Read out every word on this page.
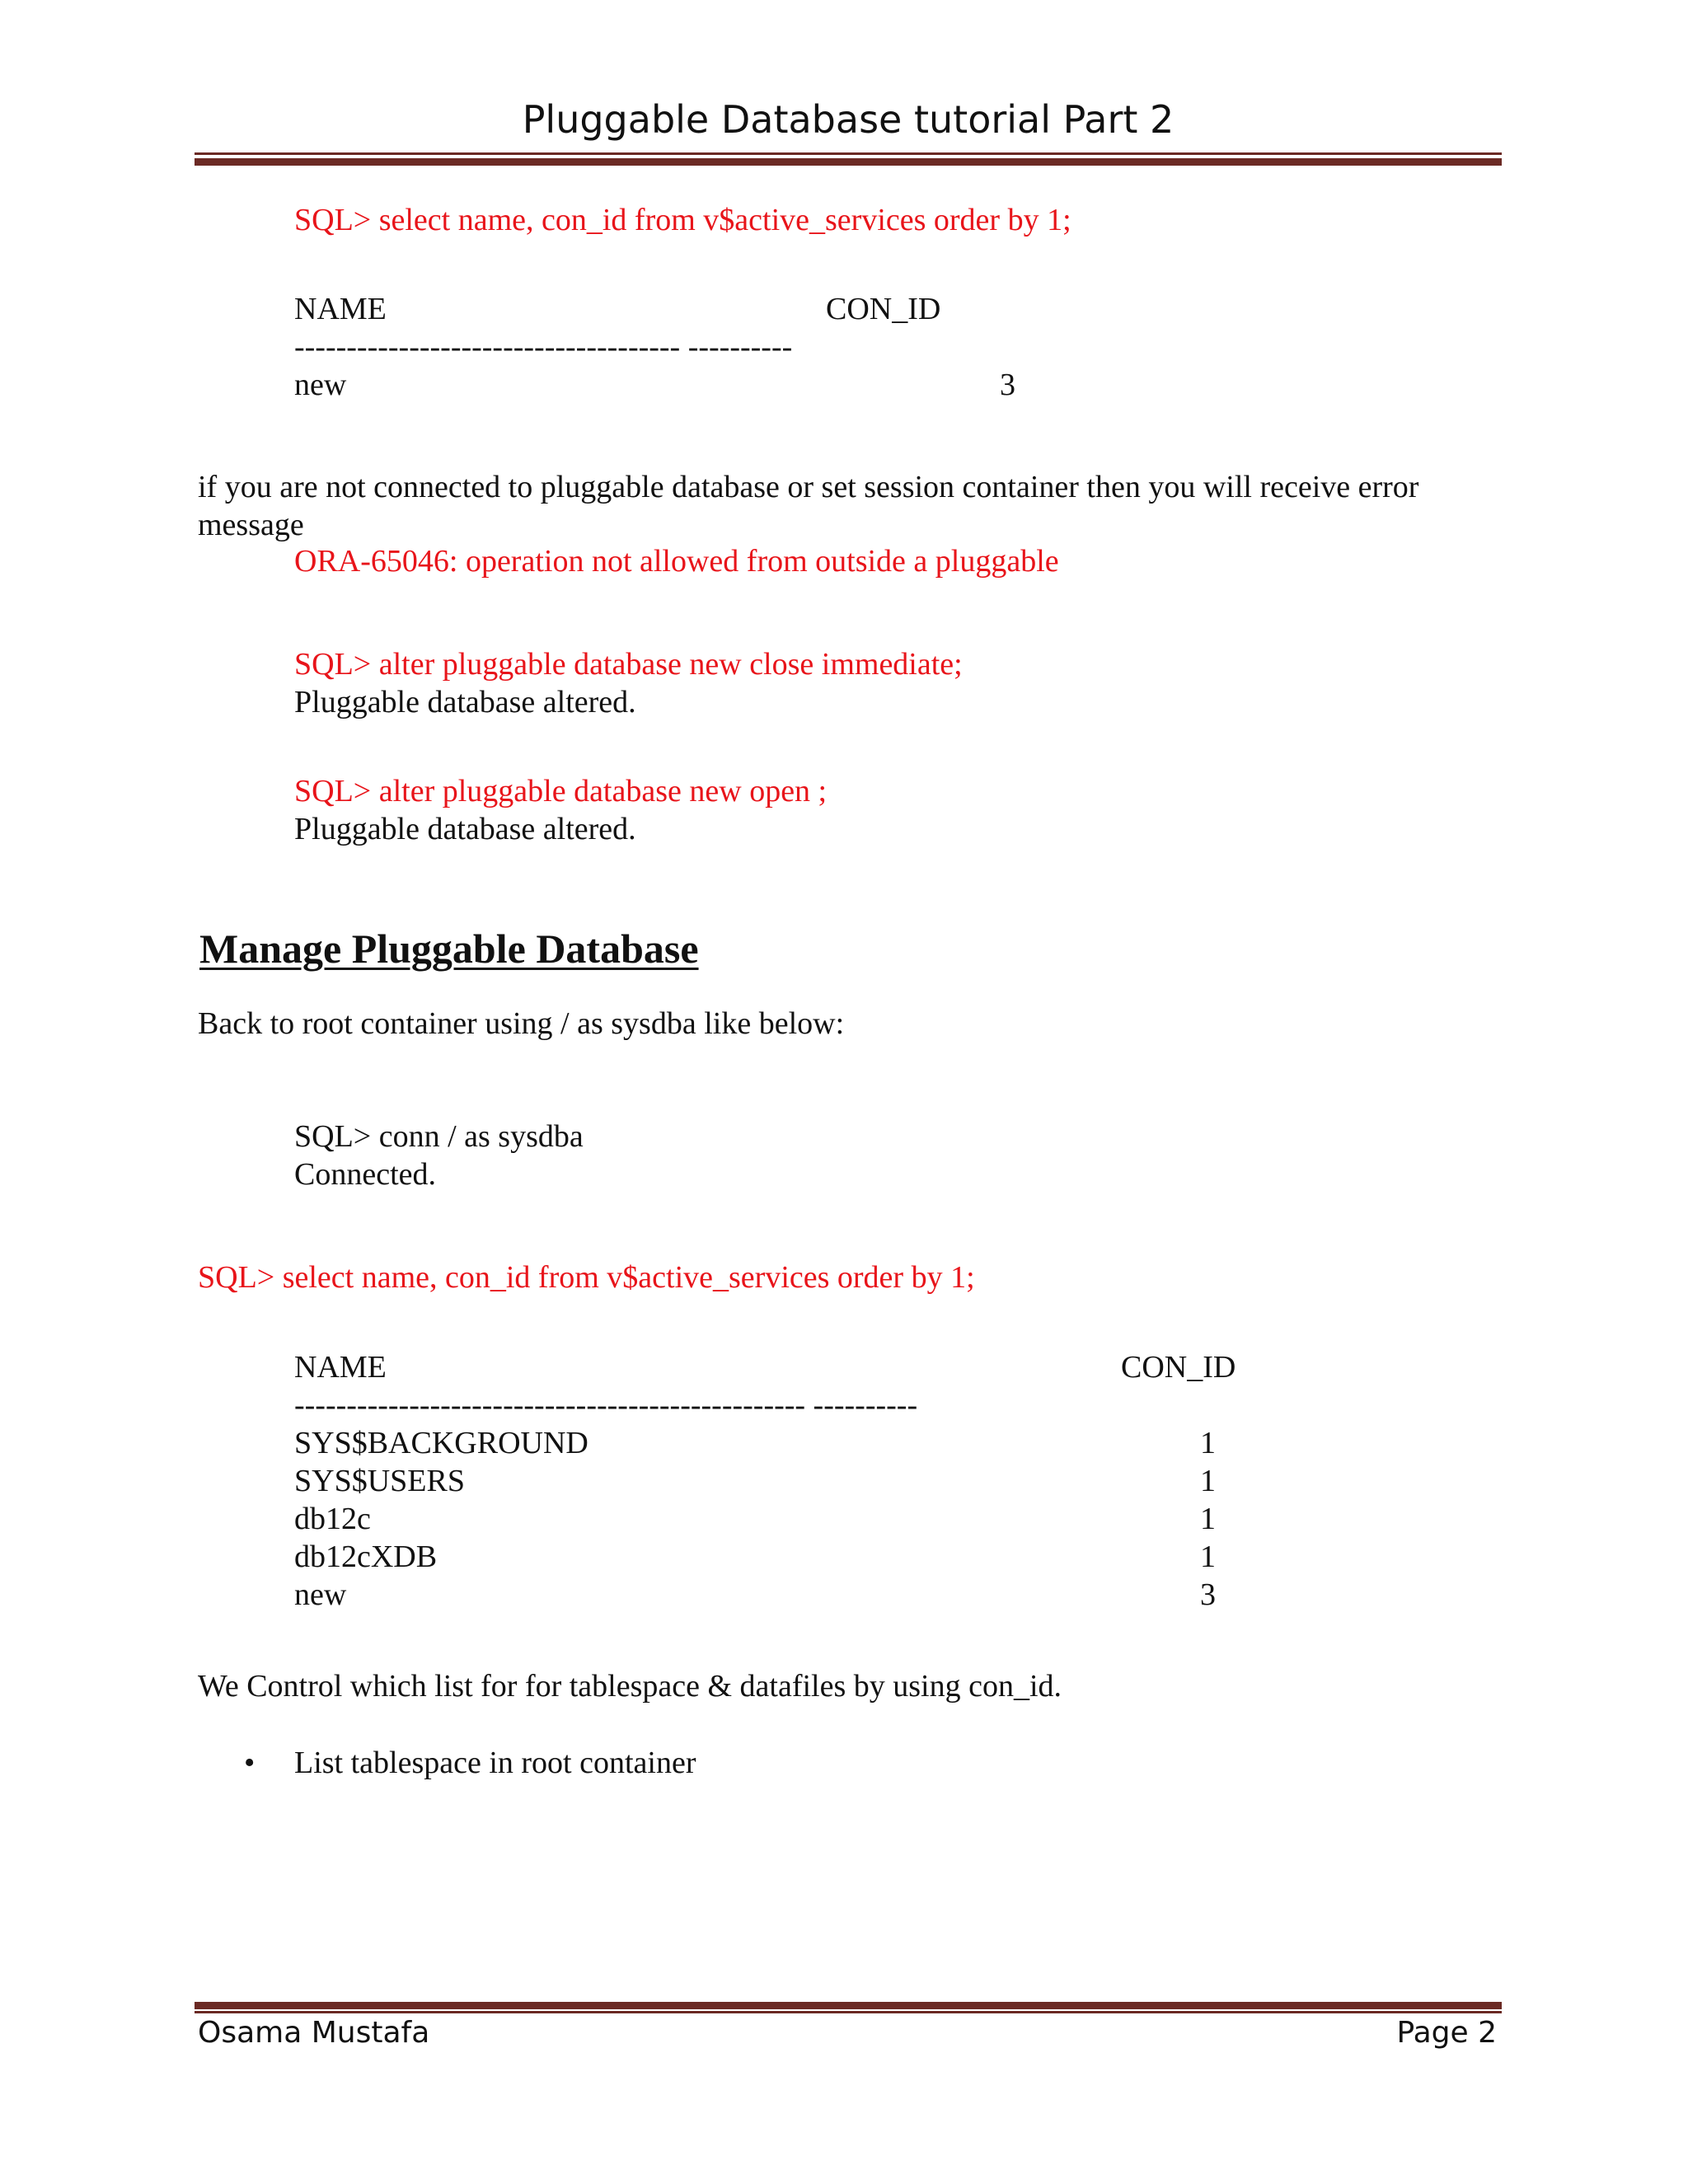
Pluggable Database tutorial Part 2
SQL> select name, con_id from v$active_services order by 1;
NAME	CON_ID
------------------------------------- ----------
new	3
if you are not connected to pluggable database or set session container then you will receive error message
ORA-65046: operation not allowed from outside a pluggable
SQL> alter pluggable database new close immediate;
Pluggable database altered.
SQL> alter pluggable database new open ;
Pluggable database altered.
Manage Pluggable Database
Back to root container using / as sysdba like below:
SQL> conn / as sysdba
Connected.
SQL> select name, con_id from v$active_services order by 1;
NAME	CON_ID
------------------------------------------------- ----------
SYS$BACKGROUND	1
SYS$USERS	1
db12c	1
db12cXDB	1
new	3
We Control which list for for tablespace & datafiles by using con_id.
• List tablespace in root container
Osama Mustafa	Page 2
